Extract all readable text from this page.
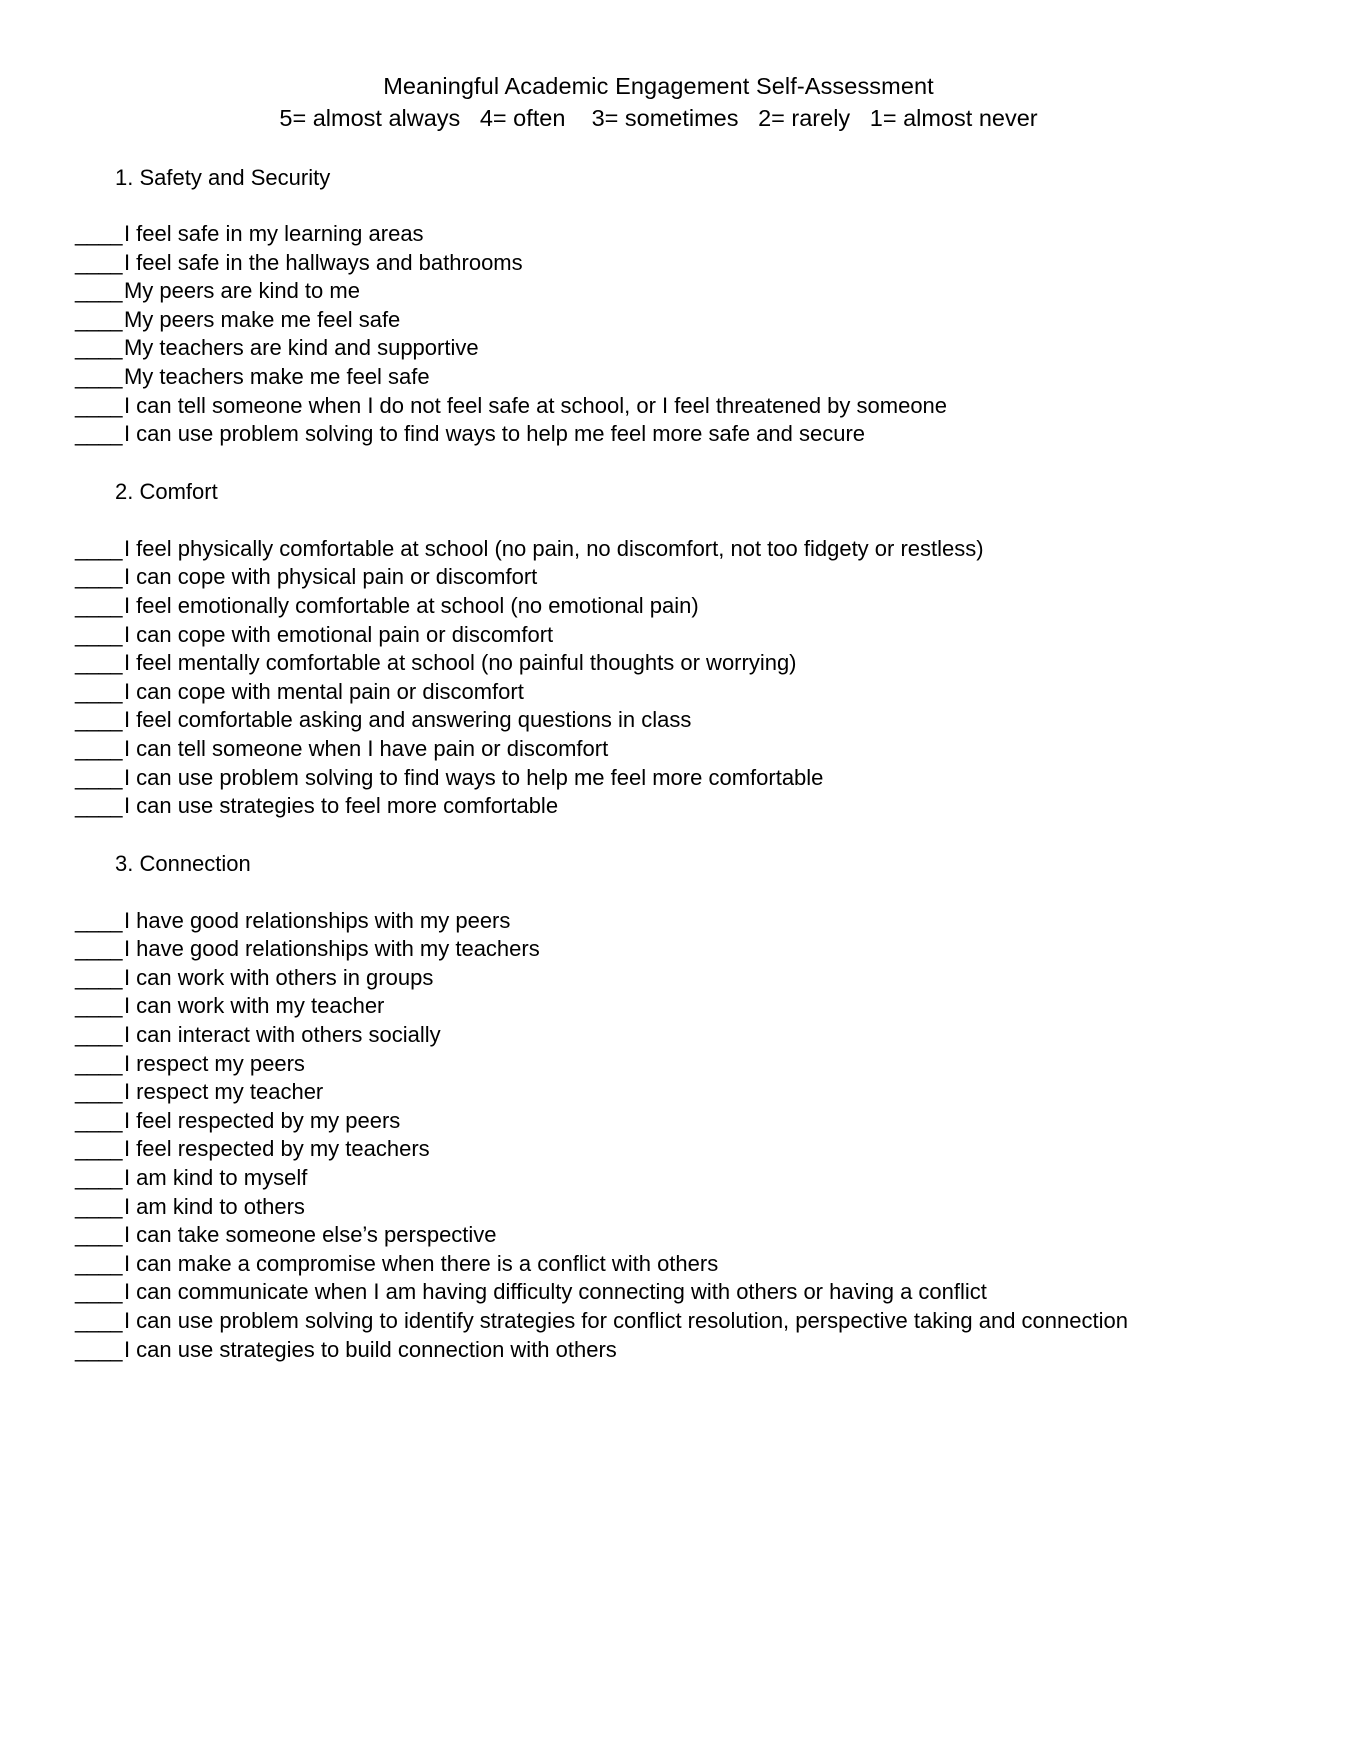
Meaningful Academic Engagement Self-Assessment
5= almost always   4= often    3= sometimes   2= rarely   1= almost never
1. Safety and Security
____I feel safe in my learning areas
____I feel safe in the hallways and bathrooms
____My peers are kind to me
____My peers make me feel safe
____My teachers are kind and supportive
____My teachers make me feel safe
____I can tell someone when I do not feel safe at school, or I feel threatened by someone
____I can use problem solving to find ways to help me feel more safe and secure
2. Comfort
____I feel physically comfortable at school (no pain, no discomfort, not too fidgety or restless)
____I can cope with physical pain or discomfort
____I feel emotionally comfortable at school (no emotional pain)
____I can cope with emotional pain or discomfort
____I feel mentally comfortable at school (no painful thoughts or worrying)
____I can cope with mental pain or discomfort
____I feel comfortable asking and answering questions in class
____I can tell someone when I have pain or discomfort
____I can use problem solving to find ways to help me feel more comfortable
____I can use strategies to feel more comfortable
3. Connection
____I have good relationships with my peers
____I have good relationships with my teachers
____I can work with others in groups
____I can work with my teacher
____I can interact with others socially
____I respect my peers
____I respect my teacher
____I feel respected by my peers
____I feel respected by my teachers
____I am kind to myself
____I am kind to others
____I can take someone else’s perspective
____I can make a compromise when there is a conflict with others
____I can communicate when I am having difficulty connecting with others or having a conflict
____I can use problem solving to identify strategies for conflict resolution, perspective taking and connection
____I can use strategies to build connection with others
